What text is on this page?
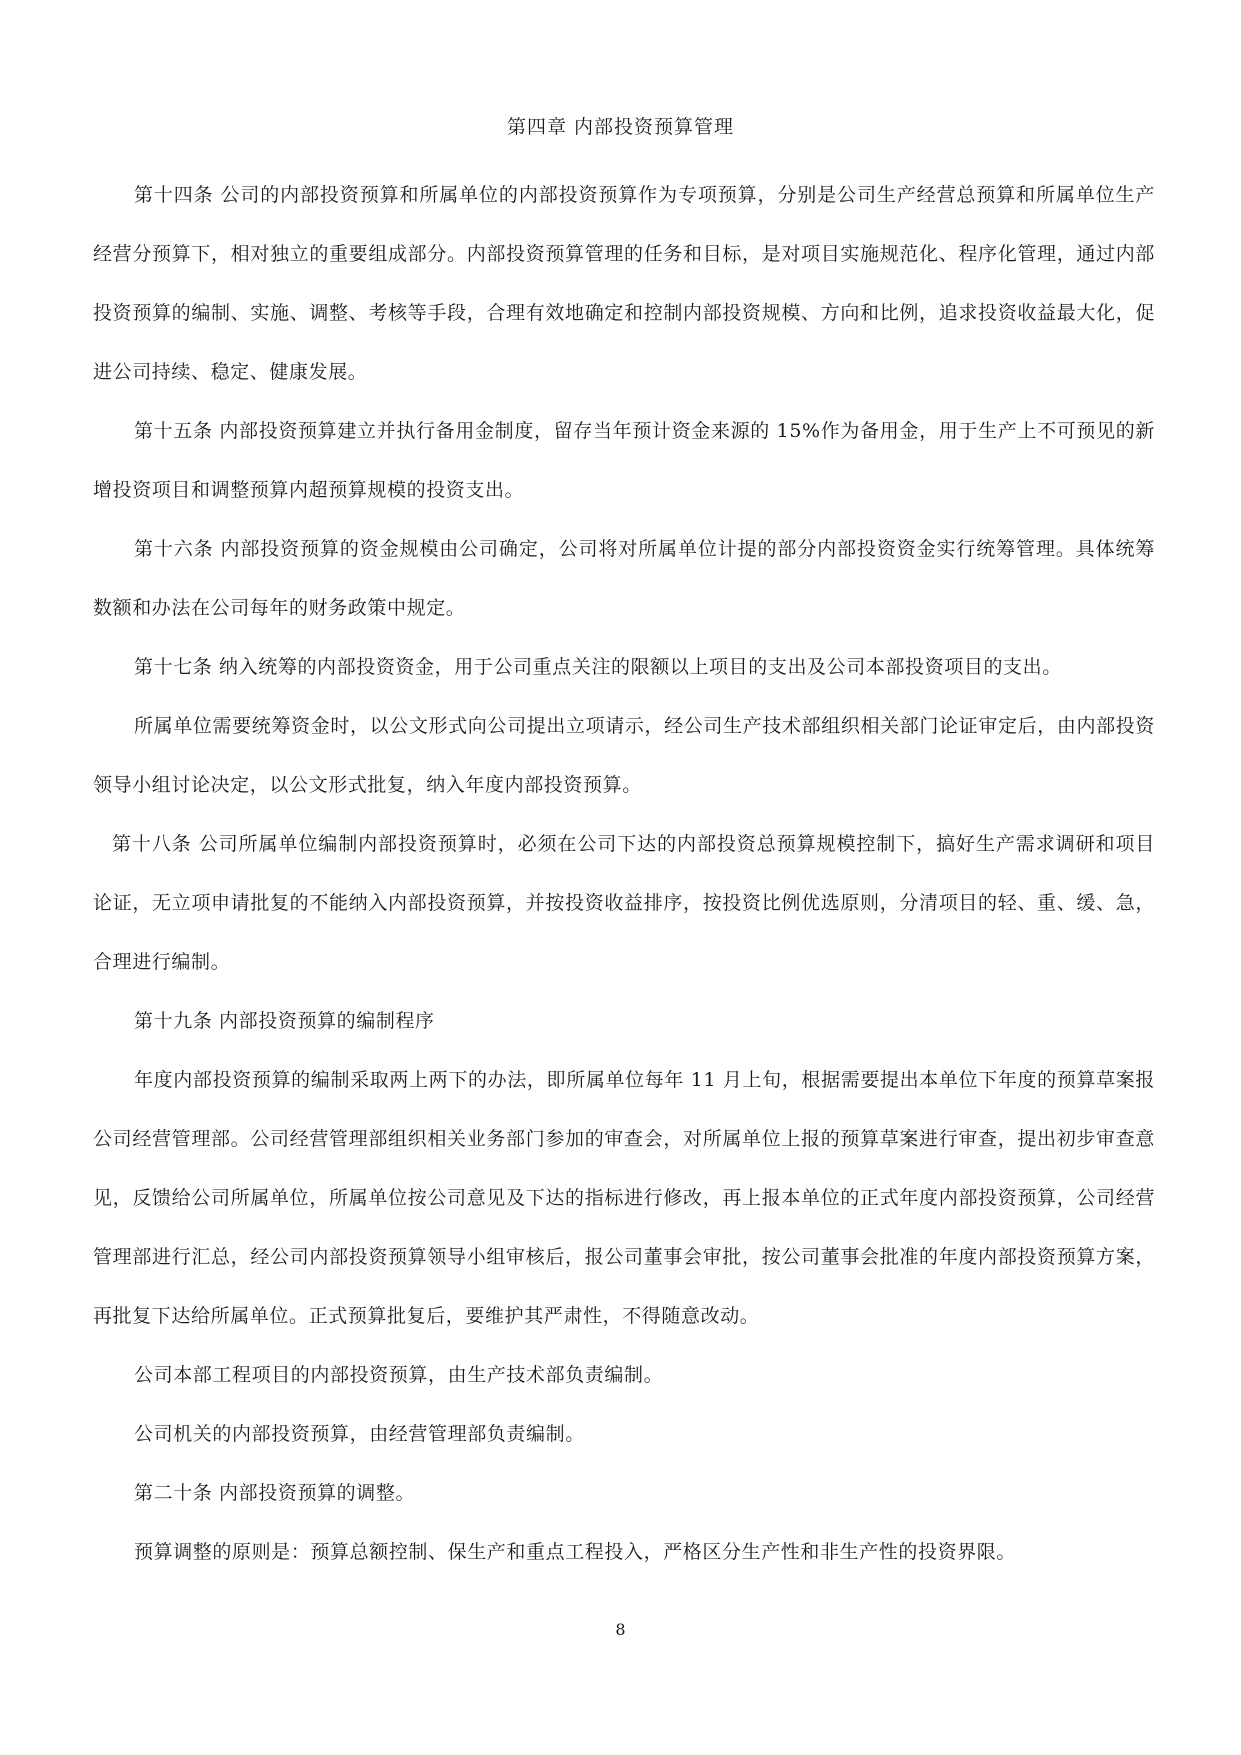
第四章 内部投资预算管理

第十四条 公司的内部投资预算和所属单位的内部投资预算作为专项预算，分别是公司生产经营总预算和所属单位生产经营分预算下，相对独立的重要组成部分。内部投资预算管理的任务和目标，是对项目实施规范化、程序化管理，通过内部投资预算的编制、实施、调整、考核等手段，合理有效地确定和控制内部投资规模、方向和比例，追求投资收益最大化，促进公司持续、稳定、健康发展。

第十五条 内部投资预算建立并执行备用金制度，留存当年预计资金来源的 15%作为备用金，用于生产上不可预见的新增投资项目和调整预算内超预算规模的投资支出。

第十六条 内部投资预算的资金规模由公司确定，公司将对所属单位计提的部分内部投资资金实行统筹管理。具体统筹数额和办法在公司每年的财务政策中规定。

第十七条 纳入统筹的内部投资资金，用于公司重点关注的限额以上项目的支出及公司本部投资项目的支出。

所属单位需要统筹资金时，以公文形式向公司提出立项请示，经公司生产技术部组织相关部门论证审定后，由内部投资领导小组讨论决定，以公文形式批复，纳入年度内部投资预算。

第十八条 公司所属单位编制内部投资预算时，必须在公司下达的内部投资总预算规模控制下，搞好生产需求调研和项目论证，无立项申请批复的不能纳入内部投资预算，并按投资收益排序，按投资比例优选原则，分清项目的轻、重、缓、急，合理进行编制。

第十九条 内部投资预算的编制程序

年度内部投资预算的编制采取两上两下的办法，即所属单位每年 11 月上旬，根据需要提出本单位下年度的预算草案报公司经营管理部。公司经营管理部组织相关业务部门参加的审查会，对所属单位上报的预算草案进行审查，提出初步审查意见，反馈给公司所属单位，所属单位按公司意见及下达的指标进行修改，再上报本单位的正式年度内部投资预算，公司经营管理部进行汇总，经公司内部投资预算领导小组审核后，报公司董事会审批，按公司董事会批准的年度内部投资预算方案，再批复下达给所属单位。正式预算批复后，要维护其严肃性，不得随意改动。

公司本部工程项目的内部投资预算，由生产技术部负责编制。

公司机关的内部投资预算，由经营管理部负责编制。

第二十条 内部投资预算的调整。

预算调整的原则是：预算总额控制、保生产和重点工程投入，严格区分生产性和非生产性的投资界限。

8
